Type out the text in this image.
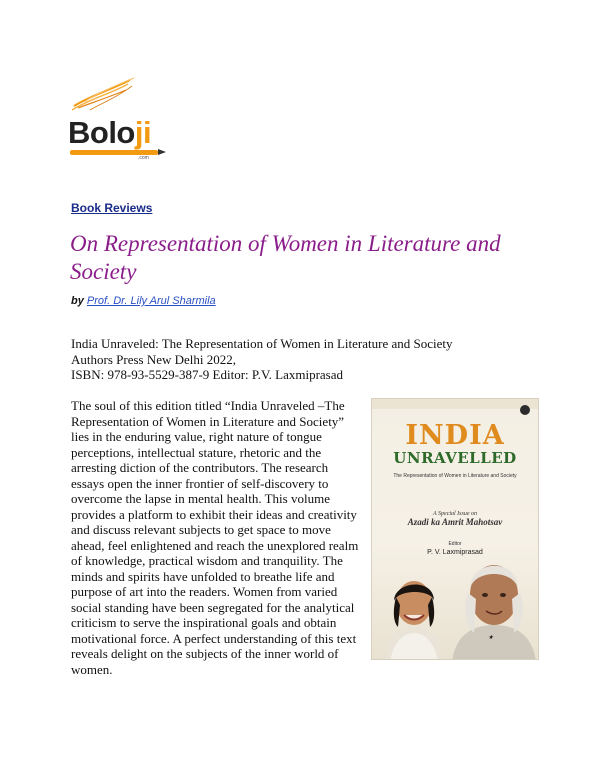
Boloji
.com
Book Reviews
On Representation of Women in Literature and Society
by Prof. Dr. Lily Arul Sharmila
India Unraveled: The Representation of Women in Literature and Society
Authors Press New Delhi 2022,
ISBN: 978-93-5529-387-9 Editor: P.V. Laxmiprasad
INDIA
UNRAVELLED
The Representation of Women in Literature and Society
A Special Issue on
Azadi ka Amrit Mahotsav
Editor
P. V. Laxmiprasad
★

The soul of this edition titled “India Unraveled –The Representation of Women in Literature and Society” lies in the enduring value, right nature of tongue perceptions, intellectual stature, rhetoric and the arresting diction of the contributors. The research essays open the inner frontier of self-discovery to overcome the lapse in mental health. This volume provides a platform to exhibit their ideas and creativity and discuss relevant subjects to get space to move ahead, feel enlightened and reach the unexplored realm of knowledge, practical wisdom and tranquility. The minds and spirits have unfolded to breathe life and purpose of art into the readers. Women from varied social standing have been segregated for the analytical criticism to serve the inspirational goals and obtain motivational force. A perfect understanding of this text reveals delight on the subjects of the inner world of women.
